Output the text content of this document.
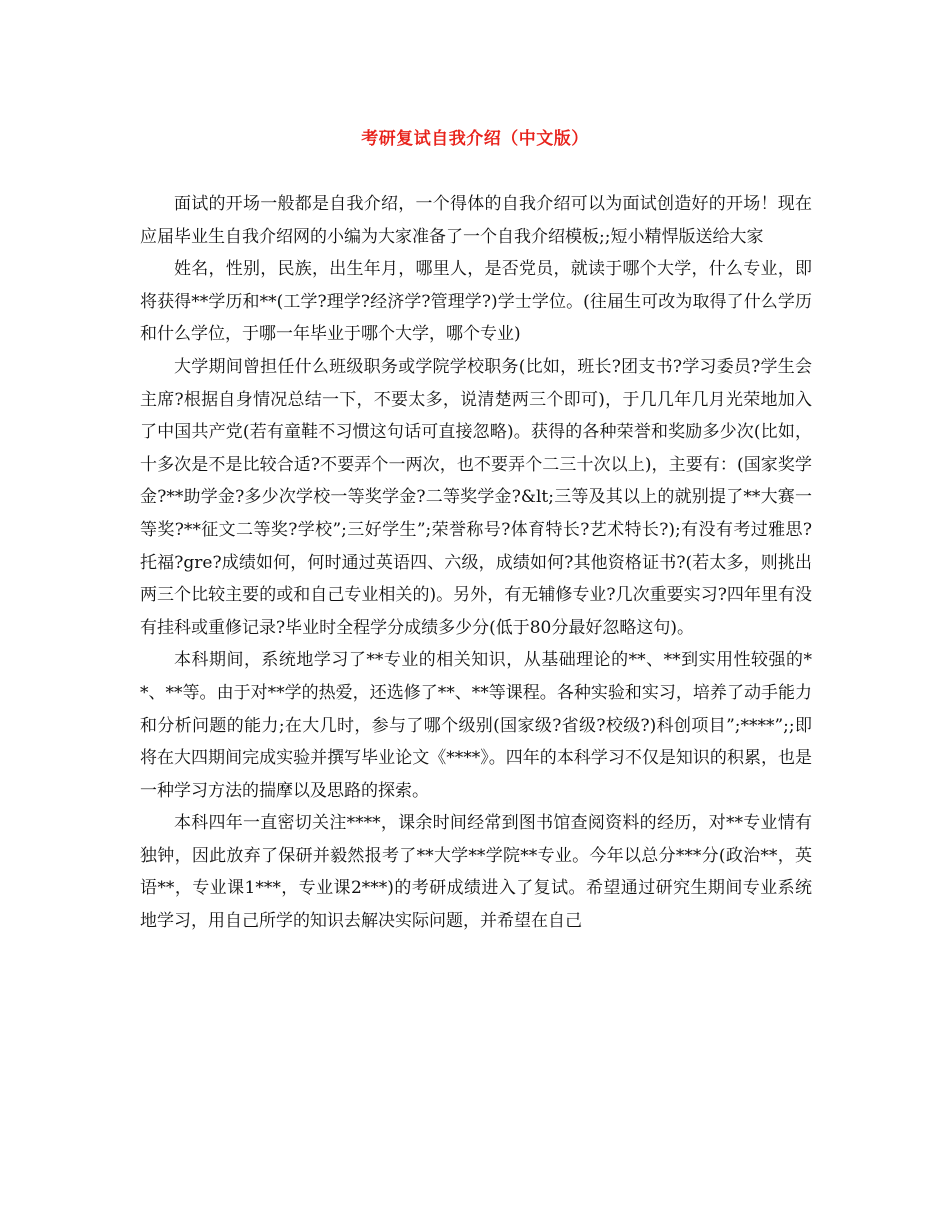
考研复试自我介绍（中文版）

面试的开场一般都是自我介绍，一个得体的自我介绍可以为面试创造好的开场！现在应届毕业生自我介绍网的小编为大家准备了一个自我介绍模板;;短小精悍版送给大家

姓名，性别，民族，出生年月，哪里人，是否党员，就读于哪个大学，什么专业，即将获得**学历和**(工学?理学?经济学?管理学?)学士学位。(往届生可改为取得了什么学历和什么学位，于哪一年毕业于哪个大学，哪个专业)

大学期间曾担任什么班级职务或学院学校职务(比如，班长?团支书?学习委员?学生会主席?根据自身情况总结一下，不要太多，说清楚两三个即可)，于几几年几月光荣地加入了中国共产党(若有童鞋不习惯这句话可直接忽略)。获得的各种荣誉和奖励多少次(比如，十多次是不是比较合适?不要弄个一两次，也不要弄个二三十次以上)，主要有：(国家奖学金?**助学金?多少次学校一等奖学金?二等奖学金?&lt;三等及其以上的就别提了**大赛一等奖?**征文二等奖?学校”;三好学生”;荣誉称号?体育特长?艺术特长?);有没有考过雅思?托福?gre?成绩如何，何时通过英语四、六级，成绩如何?其他资格证书?(若太多，则挑出两三个比较主要的或和自己专业相关的)。另外，有无辅修专业?几次重要实习?四年里有没有挂科或重修记录?毕业时全程学分成绩多少分(低于80分最好忽略这句)。

本科期间，系统地学习了**专业的相关知识，从基础理论的**、**到实用性较强的**、**等。由于对**学的热爱，还选修了**、**等课程。各种实验和实习，培养了动手能力和分析问题的能力;在大几时，参与了哪个级别(国家级?省级?校级?)科创项目”;****”;;即将在大四期间完成实验并撰写毕业论文《****》。四年的本科学习不仅是知识的积累，也是一种学习方法的揣摩以及思路的探索。

本科四年一直密切关注****，课余时间经常到图书馆查阅资料的经历，对**专业情有独钟，因此放弃了保研并毅然报考了**大学**学院**专业。今年以总分***分(政治**，英语**，专业课1***，专业课2***)的考研成绩进入了复试。希望通过研究生期间专业系统地学习，用自己所学的知识去解决实际问题，并希望在自己
